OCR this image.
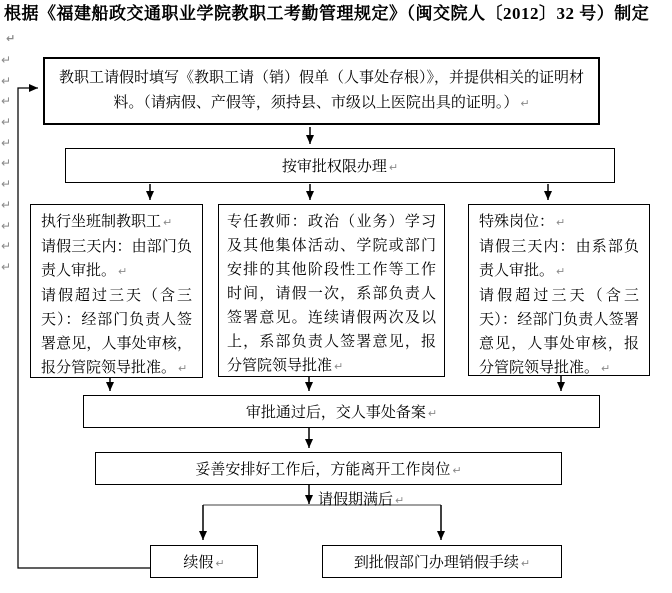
根据《福建船政交通职业学院教职工考勤管理规定》（闽交院人〔2012〕32 号）制定↵
↵
↵
↵
↵
↵
↵
↵
↵
↵
↵
↵
教职工请假时填写《教职工请（销）假单（人事处存根）》，并提供相关的证明材料。（请病假、产假等，须持县、市级以上医院出具的证明。） ↵
按审批权限办理 ↵

执行坐班制教职工 ↵

请假三天内：由部门负责人审批。 ↵

请假超过三天（含三天）：经部门负责人签署意见，人事处审核，报分管院领导批准。 ↵

专任教师：政治（业务）学习及其他集体活动、学院或部门安排的其他阶段性工作等工作时间，请假一次，系部负责人签署意见。连续请假两次及以上，系部负责人签署意见，报分管院领导批准 ↵

特殊岗位： ↵

请假三天内：由系部负责人审批。 ↵

请假超过三天（含三天）：经部门负责人签署意见，人事处审核，报分管院领导批准。 ↵

审批通过后，交人事处备案 ↵
妥善安排好工作后，方能离开工作岗位 ↵
请假期满后 ↵
续假 ↵	到批假部门办理销假手续 ↵
